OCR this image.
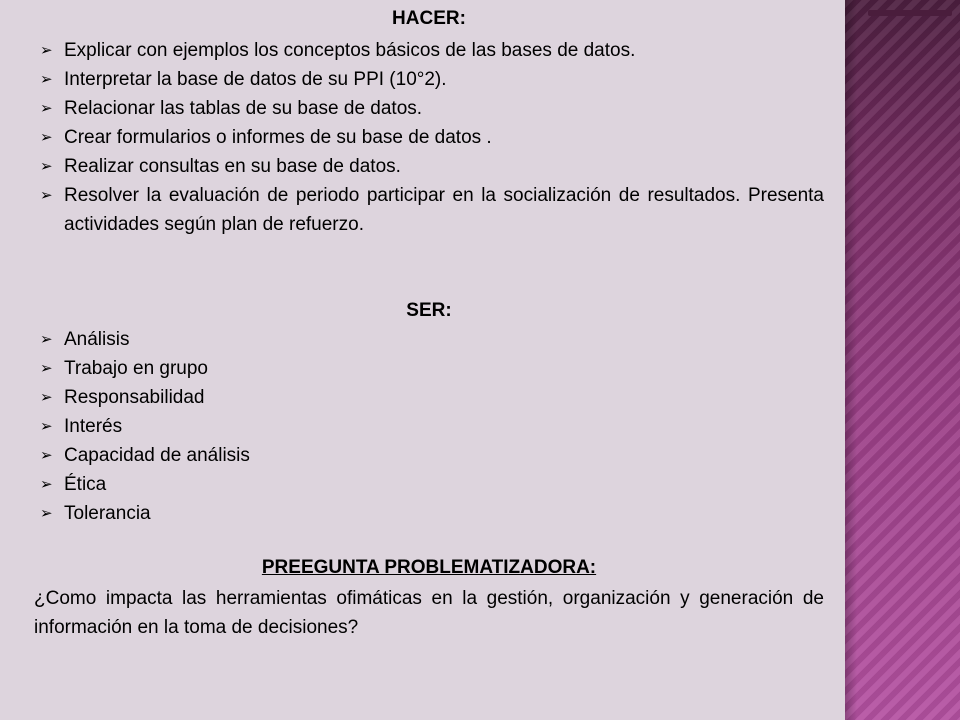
HACER:
➢ Explicar con ejemplos los conceptos básicos de las bases de datos.
➢ Interpretar la base de datos de su PPI (10°2).
➢ Relacionar las tablas de su base de datos.
➢ Crear formularios o informes de su base de datos .
➢ Realizar consultas en su base de datos.
➢ Resolver la evaluación de periodo participar en la socialización de resultados. Presenta actividades según plan de refuerzo.
SER:
➢ Análisis
➢ Trabajo en grupo
➢ Responsabilidad
➢ Interés
➢ Capacidad de análisis
➢ Ética
➢ Tolerancia
PREEGUNTA PROBLEMATIZADORA:
¿Como impacta las herramientas ofimáticas en la gestión, organización y generación de información en la toma de decisiones?
